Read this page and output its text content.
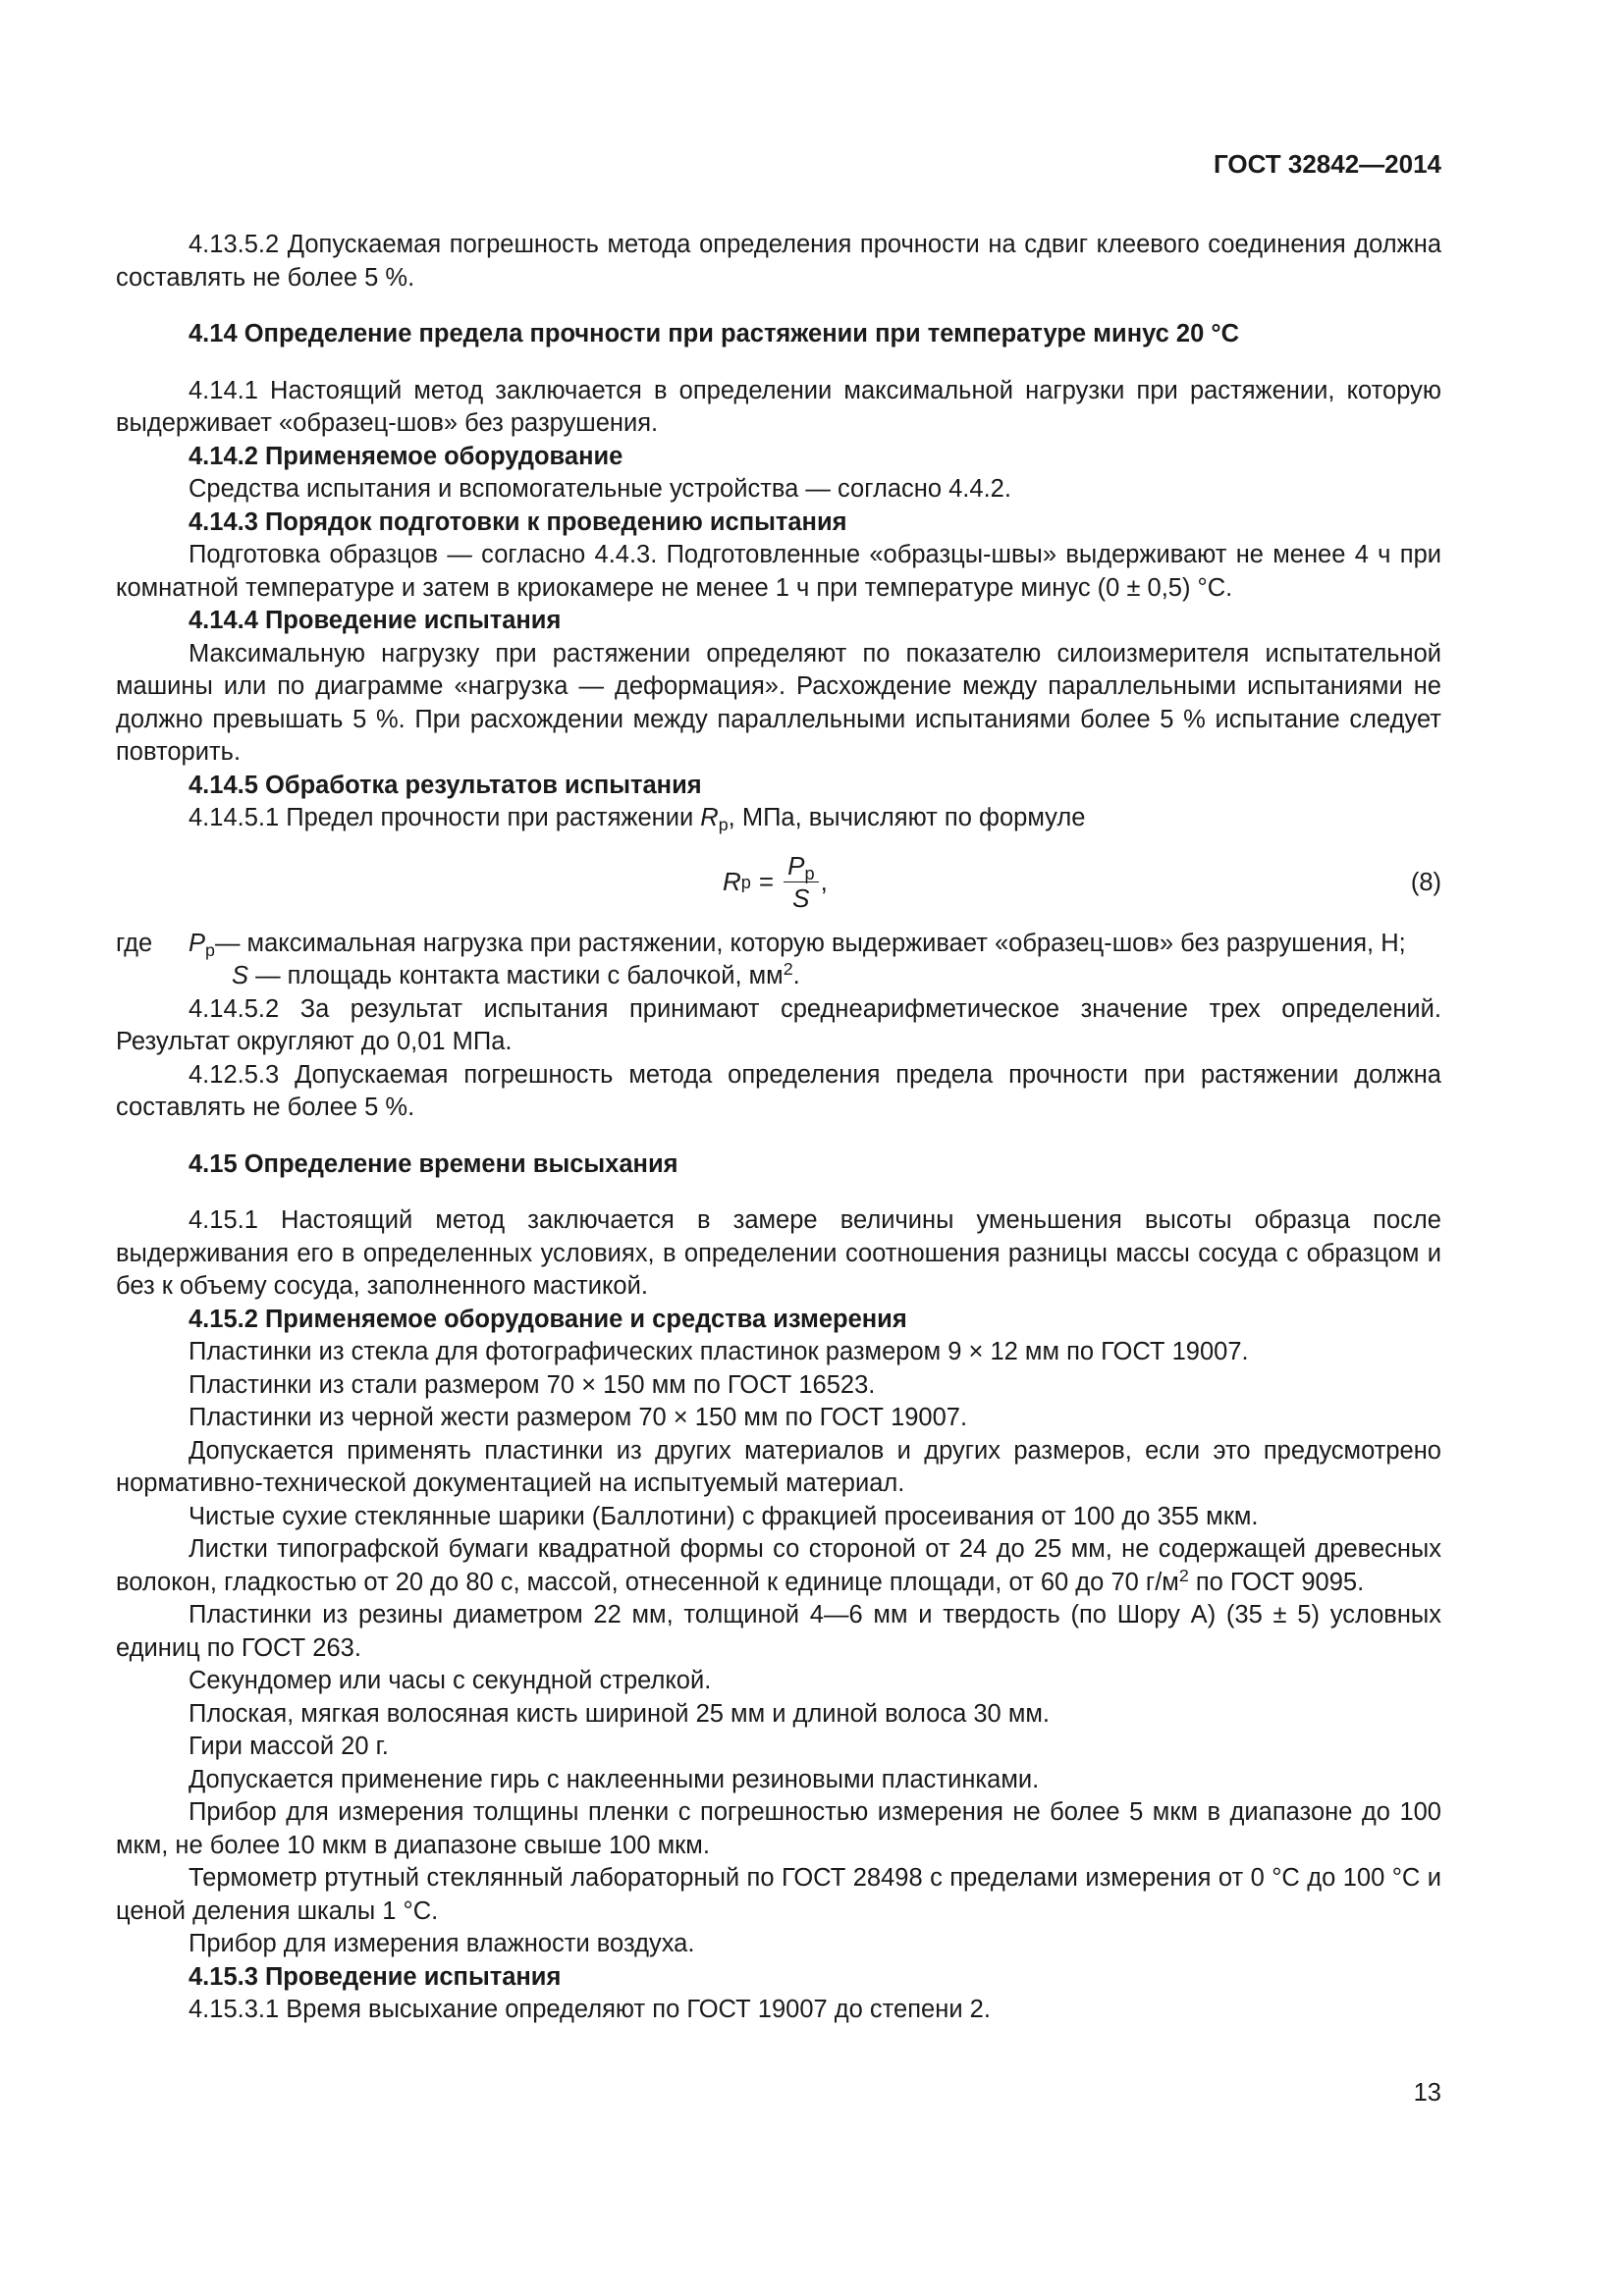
ГОСТ 32842—2014

4.13.5.2 Допускаемая погрешность метода определения прочности на сдвиг клеевого соединения должна составлять не более 5 %.

4.14 Определение предела прочности при растяжении при температуре минус 20 °С

4.14.1 Настоящий метод заключается в определении максимальной нагрузки при растяжении, которую выдерживает «образец-шов» без разрушения.

4.14.2 Применяемое оборудование

Средства испытания и вспомогательные устройства — согласно 4.4.2.

4.14.3 Порядок подготовки к проведению испытания

Подготовка образцов — согласно 4.4.3. Подготовленные «образцы-швы» выдерживают не менее 4 ч при комнатной температуре и затем в криокамере не менее 1 ч при температуре минус (0 ± 0,5) °С.

4.14.4 Проведение испытания

Максимальную нагрузку при растяжении определяют по показателю силоизмерителя испытательной машины или по диаграмме «нагрузка — деформация». Расхождение между параллельными испытаниями не должно превышать 5 %. При расхождении между параллельными испытаниями более 5 % испытание следует повторить.

4.14.5 Обработка результатов испытания

4.14.5.1 Предел прочности при растяжении $R_р$, МПа, вычисляют по формуле

R $р = \frac{P_р}{S}$ ,	(8)
где	$P_р$ — максимальная нагрузка при растяжении, которую выдерживает «образец-шов» без разрушения, Н;

S — площадь контакта мастики с балочкой, $мм^2$.

4.14.5.2 За результат испытания принимают среднеарифметическое значение трех определений. Результат округляют до 0,01 МПа.

4.12.5.3 Допускаемая погрешность метода определения предела прочности при растяжении должна составлять не более 5 %.

4.15 Определение времени высыхания

4.15.1 Настоящий метод заключается в замере величины уменьшения высоты образца после выдерживания его в определенных условиях, в определении соотношения разницы массы сосуда с образцом и без к объему сосуда, заполненного мастикой.

4.15.2 Применяемое оборудование и средства измерения

Пластинки из стекла для фотографических пластинок размером 9 × 12 мм по ГОСТ 19007.

Пластинки из стали размером 70 × 150 мм по ГОСТ 16523.

Пластинки из черной жести размером 70 × 150 мм по ГОСТ 19007.

Допускается применять пластинки из других материалов и других размеров, если это предусмотрено нормативно-технической документацией на испытуемый материал.

Чистые сухие стеклянные шарики (Баллотини) с фракцией просеивания от 100 до 355 мкм.

Листки типографской бумаги квадратной формы со стороной от 24 до 25 мм, не содержащей древесных волокон, гладкостью от 20 до 80 с, массой, отнесенной к единице площади, от 60 до 70 $г/м^2$ по ГОСТ 9095.

Пластинки из резины диаметром 22 мм, толщиной 4—6 мм и твердость (по Шору А) (35 ± 5) условных единиц по ГОСТ 263.

Секундомер или часы с секундной стрелкой.

Плоская, мягкая волосяная кисть шириной 25 мм и длиной волоса 30 мм.

Гири массой 20 г.

Допускается применение гирь с наклеенными резиновыми пластинками.

Прибор для измерения толщины пленки с погрешностью измерения не более 5 мкм в диапазоне до 100 мкм, не более 10 мкм в диапазоне свыше 100 мкм.

Термометр ртутный стеклянный лабораторный по ГОСТ 28498 с пределами измерения от 0 °С до 100 °С и ценой деления шкалы 1 °С.

Прибор для измерения влажности воздуха.

4.15.3 Проведение испытания

4.15.3.1 Время высыхание определяют по ГОСТ 19007 до степени 2.

13
